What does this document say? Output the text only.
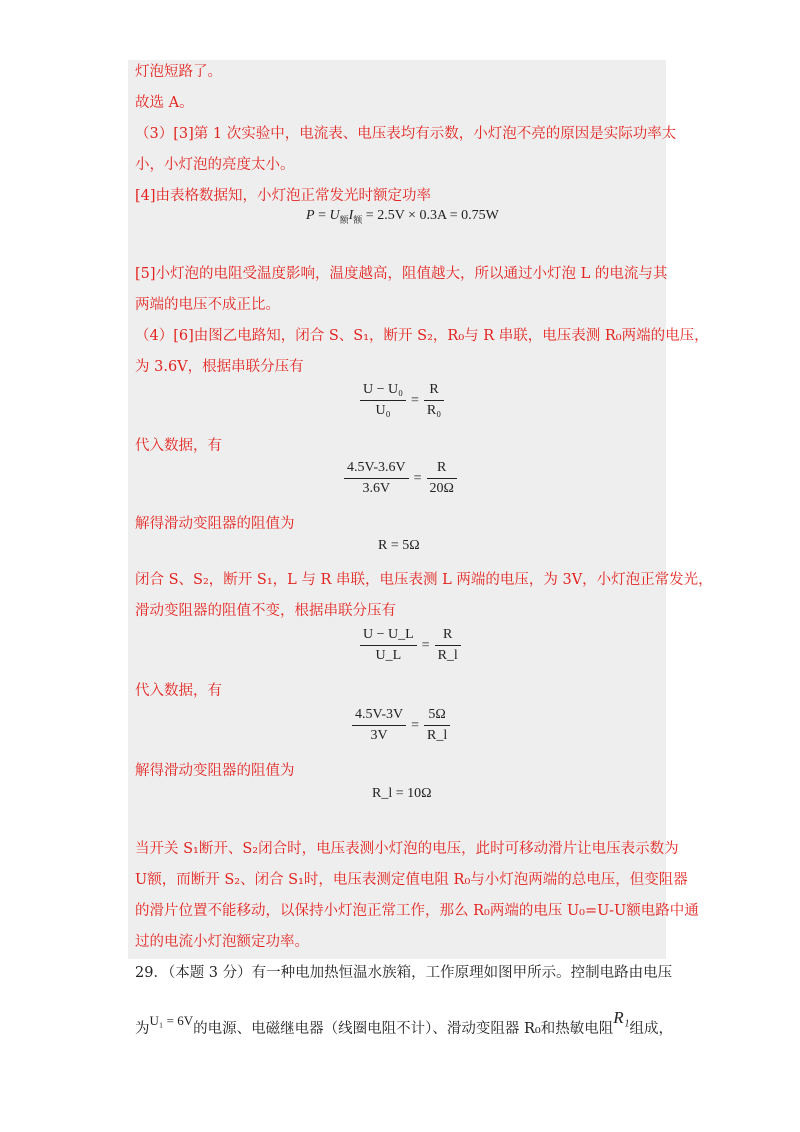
灯泡短路了。
故选 A。
（3）[3]第 1 次实验中，电流表、电压表均有示数，小灯泡不亮的原因是实际功率太
小，小灯泡的亮度太小。
[4]由表格数据知，小灯泡正常发光时额定功率
$P = U_额I_额 = 2.5V \times 0.3A = 0.75W$
[5]小灯泡的电阻受温度影响，温度越高，阻值越大，所以通过小灯泡 L 的电流与其
两端的电压不成正比。
（4）[6]由图乙电路知，闭合 S、S₁，断开 S₂，R₀与 R 串联，电压表测 R₀两端的电压，
为 3.6V，根据串联分压有
$\frac{\text{U − U₀}}{\text{U₀}} = \frac{R}{\text{R₀}}$
代入数据，有
$\frac{4.5V-3.6V}{3.6V} = \frac{R}{20\Omega}$
解得滑动变阻器的阻值为
R = 5Ω
闭合 S、S₂，断开 S₁，L 与 R 串联，电压表测 L 两端的电压，为 3V，小灯泡正常发光，
滑动变阻器的阻值不变，根据串联分压有
$\frac{U - U\_L}{U\_L} = \frac{R}{R\_l}$
代入数据，有
$\frac{4.5V-3V}{3V} = \frac{5\Omega}{R\_l}$
解得滑动变阻器的阻值为
R_l = 10Ω
当开关 S₁断开、S₂闭合时，电压表测小灯泡的电压，此时可移动滑片让电压表示数为
U额，而断开 S₂、闭合 S₁时，电压表测定值电阻 R₀与小灯泡两端的总电压，但变阻器
的滑片位置不能移动，以保持小灯泡正常工作，那么 R₀两端的电压 U₀=U-U额电路中通
过的电流小灯泡额定功率。
29．（本题 3 分）有一种电加热恒温水族箱，工作原理如图甲所示。控制电路由电压
为U₁ = 6V的电源、电磁继电器（线圈电阻不计）、滑动变阻器 R₀和热敏电阻R₁组成，
